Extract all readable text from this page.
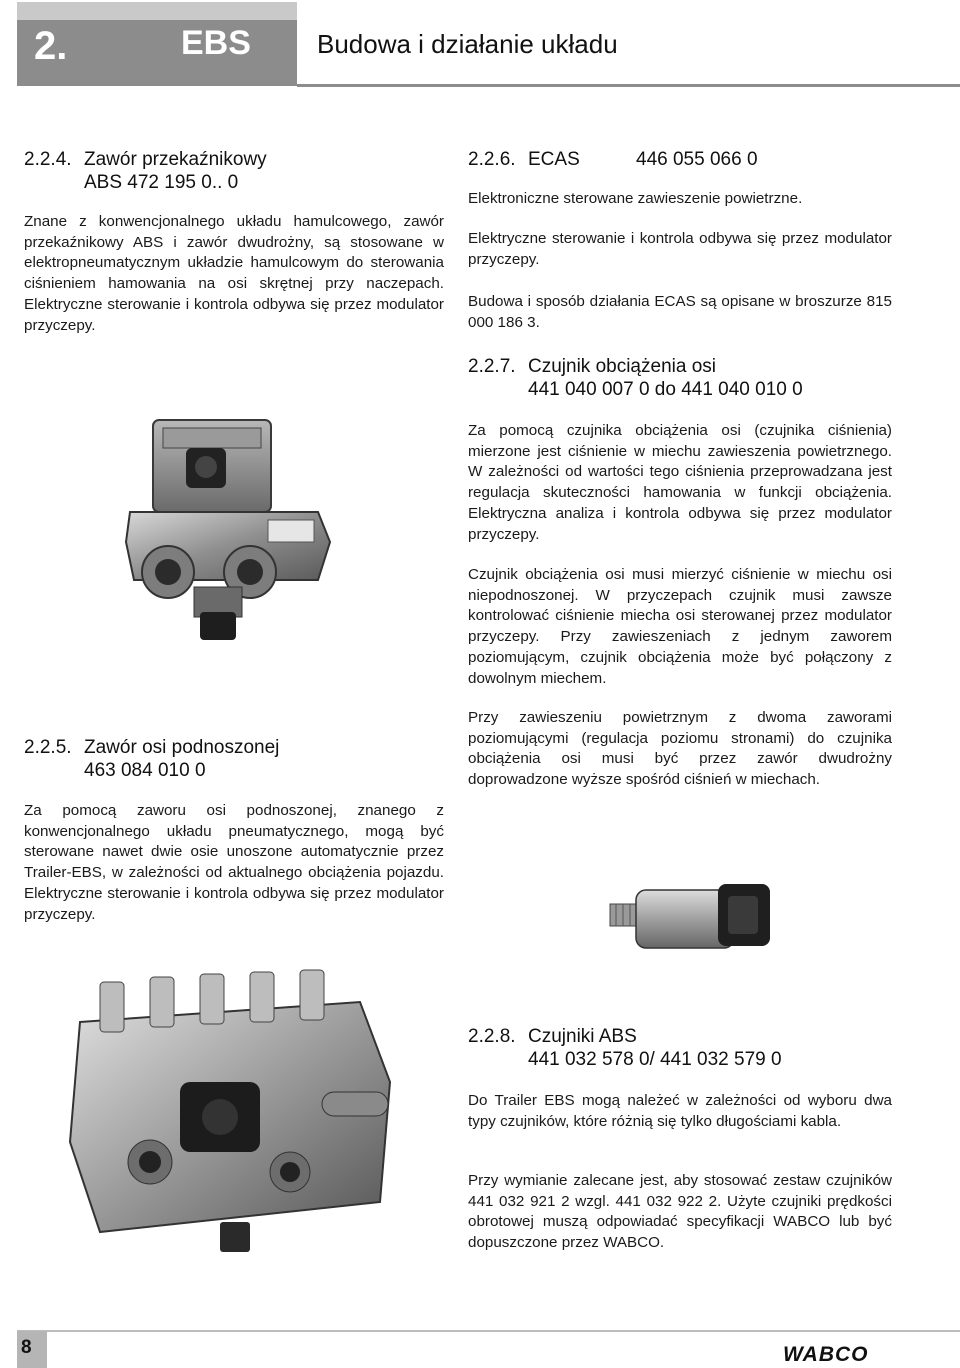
2.	EBS	Budowa i działanie układu
2.2.4. Zawór przekaźnikowy
ABS 472 195 0.. 0
Znane z konwencjonalnego układu hamulcowego, zawór przekaźnikowy ABS i zawór dwudrożny, są stosowane w elektropneumatycznym układzie hamulcowym do sterowania ciśnieniem hamowania na osi skrętnej przy naczepach. Elektryczne sterowanie i kontrola odbywa się przez modulator przyczepy.
2.2.5. Zawór osi podnoszonej
463 084 010 0
Za pomocą zaworu osi podnoszonej, znanego z konwencjonalnego układu pneumatycznego, mogą być sterowane nawet dwie osie unoszone automatycznie przez Trailer-EBS, w zależności od aktualnego obciążenia pojazdu. Elektryczne sterowanie i kontrola odbywa się przez modulator przyczepy.
2.2.6. ECAS	446 055 066 0
Elektroniczne sterowane zawieszenie powietrzne.
Elektryczne sterowanie i kontrola odbywa się przez modulator przyczepy.
Budowa i sposób działania ECAS są opisane w broszurze 815 000 186 3.
2.2.7. Czujnik obciążenia osi
441 040 007 0 do 441 040 010 0
Za pomocą czujnika obciążenia osi (czujnika ciśnienia) mierzone jest ciśnienie w miechu zawieszenia powietrznego. W zależności od wartości tego ciśnienia przeprowadzana jest regulacja skuteczności hamowania w funkcji obciążenia. Elektryczna analiza i kontrola odbywa się przez modulator przyczepy.
Czujnik obciążenia osi musi mierzyć ciśnienie w miechu osi niepodnoszonej. W przyczepach czujnik musi zawsze kontrolować ciśnienie miecha osi sterowanej przez modulator przyczepy. Przy zawieszeniach z jednym zaworem poziomującym, czujnik obciążenia może być połączony z dowolnym miechem.
Przy zawieszeniu powietrznym z dwoma zaworami poziomującymi (regulacja poziomu stronami) do czujnika obciążenia osi musi być przez zawór dwudrożny doprowadzone wyższe spośród ciśnień w miechach.
2.2.8. Czujniki ABS
441 032 578 0/ 441 032 579 0
Do Trailer EBS mogą należeć w zależności od wyboru dwa typy czujników, które różnią się tylko długościami kabla.
Przy wymianie zalecane jest, aby stosować zestaw czujników 441 032 921 2 wzgl. 441 032 922 2. Użyte czujniki prędkości obrotowej muszą odpowiadać specyfikacji WABCO lub być dopuszczone przez WABCO.
8	WABCO
